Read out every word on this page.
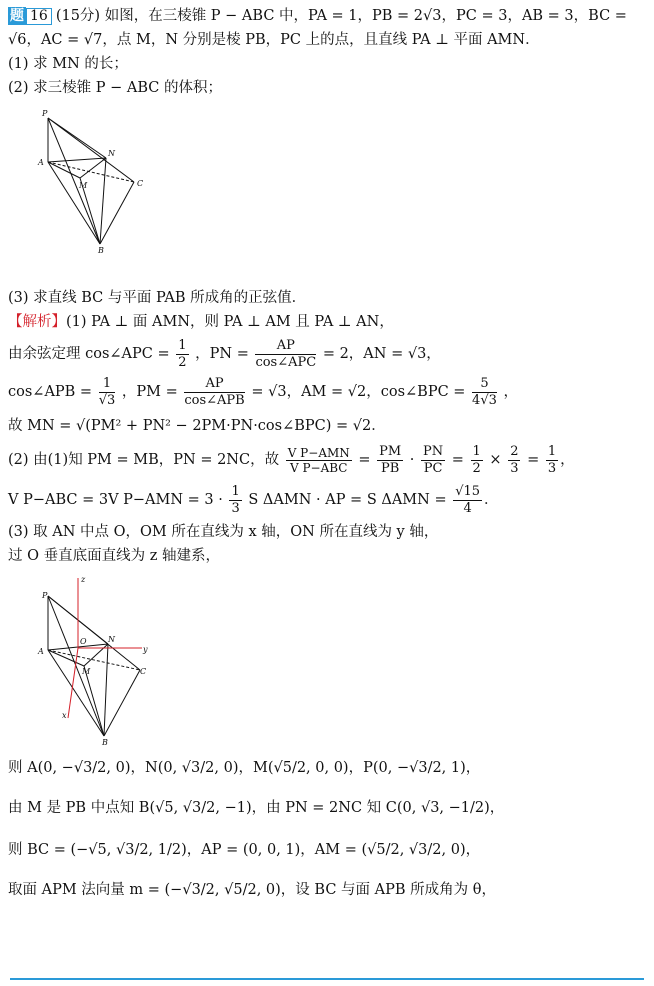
题 16 (15分) 如图，在三棱锥 P − ABC 中，PA = 1，PB = 2√3，PC = 3，AB = 3，BC =
√6，AC = √7，点 M，N 分别是棱 PB，PC 上的点，且直线 PA ⊥ 平面 AMN．
(1) 求 MN 的长；
(2) 求三棱锥 P − ABC 的体积；
P
A
N
M	C
B
(3) 求直线 BC 与平面 PAB 所成角的正弦值．
【解析】(1) PA ⊥ 面 AMN，则 PA ⊥ AM 且 PA ⊥ AN，
由余弦定理 cos∠APC = $\frac{1}{2}$ ，PN = $\frac{AP}{\text{cos∠APC}} = 2$，AN = √3，
cos∠APB = $\frac{1}{√3}$ ，PM = $\frac{AP}{\text{cos∠APB}} = √3$，AM = √2，cos∠BPC = $\frac{5}{4√3}$ ，
故 MN = √(PM² + PN² − 2PM·PN·cos∠BPC) = √2．
(2) 由(1)知 PM = MB，PN = 2NC，故 $\frac{\text{V P−AMN}}{\text{V P−ABC}} = \frac{PM}{PB} \cdot \frac{PN}{PC} = \frac{1}{2} \times \frac{2}{3} = \frac{1}{3}$ ，
V P−ABC = 3V $P-AMN = 3 \cdot \frac{1}{3}$ S ΔAMN · AP = S $\Delta AMN = \frac{√15}{4}$ ．
(3) 取 AN 中点 O，OM 所在直线为 x 轴，ON 所在直线为 y 轴，
过 O 垂直底面直线为 z 轴建系，
P
z
O	N
y
A
M	C
x
B
则 A(0, −√3/2, 0)，N(0, √3/2, 0)，M(√5/2, 0, 0)，P(0, −√3/2, 1)，
由 M 是 PB 中点知 B(√5, √3/2, −1)，由 PN = 2NC 知 C(0, √3, −1/2)，
则 BC = (−√5, √3/2, 1/2)，AP = (0, 0, 1)，AM = (√5/2, √3/2, 0)，
取面 APM 法向量 m = (−√3/2, √5/2, 0)，设 BC 与面 APB 所成角为 θ，
